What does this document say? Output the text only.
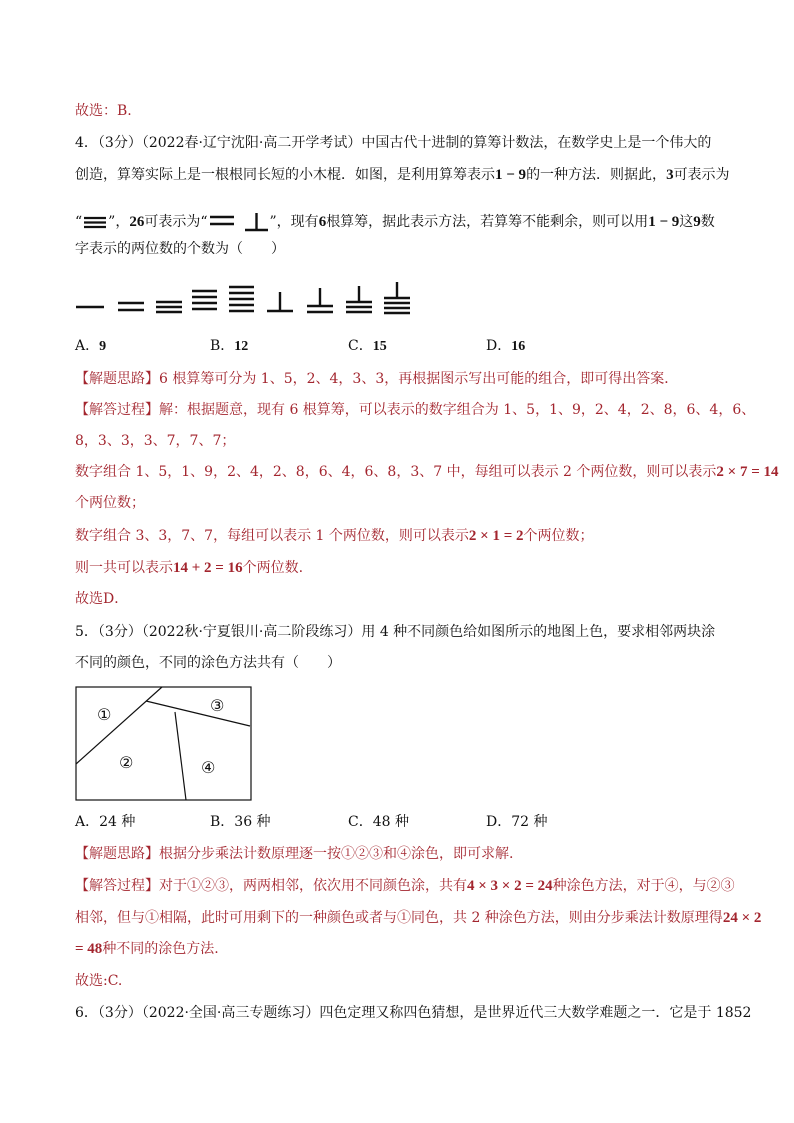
故选：B.
4．（3分）（2022春·辽宁沈阳·高二开学考试）中国古代十进制的算筹计数法，在数学史上是一个伟大的
创造，算筹实际上是一根根同长短的小木棍．如图，是利用算筹表示1 − 9的一种方法．则据此，3可表示为
“ ”，26可表示为“	”，现有6根算筹，据此表示方法，若算筹不能剩余，则可以用1 − 9这9数
字表示的两位数的个数为（　　）
A．9	B．12	C．15	D．16
【解题思路】6 根算筹可分为 1、5，2、4，3、3，再根据图示写出可能的组合，即可得出答案．
【解答过程】解：根据题意，现有 6 根算筹，可以表示的数字组合为 1、5，1、9，2、4，2、8，6、4，6、
8，3、3，3、7，7、7；
数字组合 1、5，1、9，2、4，2、8，6、4，6、8，3、7 中，每组可以表示 2 个两位数，则可以表示2 × 7 = 14
个两位数；
数字组合 3、3，7、7，每组可以表示 1 个两位数，则可以表示2 × 1 = 2个两位数；
则一共可以表示14 + 2 = 16个两位数.
故选D．
5．（3分）（2022秋·宁夏银川·高二阶段练习）用 4 种不同颜色给如图所示的地图上色，要求相邻两块涂
不同的颜色，不同的涂色方法共有（　　）
①
②
③
④
A．24 种	B．36 种	C．48 种	D．72 种
【解题思路】根据分步乘法计数原理逐一按①②③和④涂色，即可求解.
【解答过程】对于①②③，两两相邻，依次用不同颜色涂，共有4 × 3 × 2 = 24种涂色方法，对于④，与②③
相邻，但与①相隔，此时可用剩下的一种颜色或者与①同色，共 2 种涂色方法，则由分步乘法计数原理得24 × 2
= 48种不同的涂色方法.
故选:C.
6．（3分）（2022·全国·高三专题练习）四色定理又称四色猜想，是世界近代三大数学难题之一．它是于 1852
